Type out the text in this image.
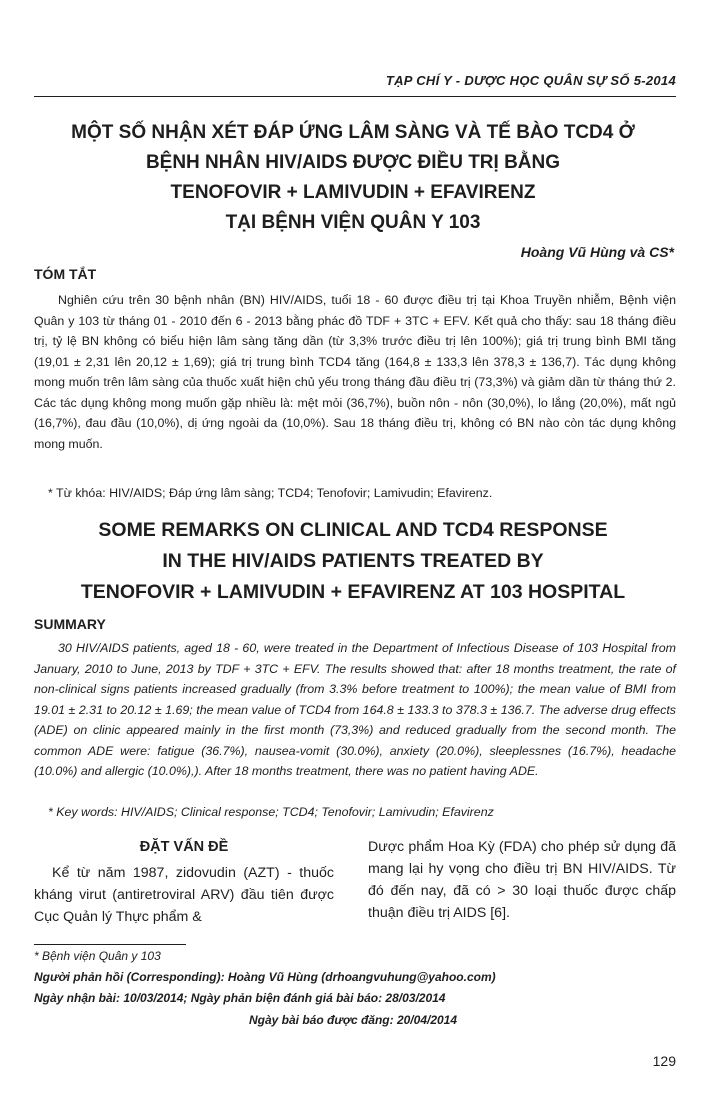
TẠP CHÍ Y - DƯỢC HỌC QUÂN SỰ SỐ 5-2014
MỘT SỐ NHẬN XÉT ĐÁP ỨNG LÂM SÀNG VÀ TẾ BÀO TCD4 Ở
BỆNH NHÂN HIV/AIDS ĐƯỢC ĐIỀU TRỊ BẰNG
TENOFOVIR + LAMIVUDIN + EFAVIRENZ
TẠI BỆNH VIỆN QUÂN Y 103
Hoàng Vũ Hùng và CS*
TÓM TẮT

Nghiên cứu trên 30 bệnh nhân (BN) HIV/AIDS, tuổi 18 - 60 được điều trị tại Khoa Truyền nhiễm, Bệnh viện Quân y 103 từ tháng 01 - 2010 đến 6 - 2013 bằng phác đồ TDF + 3TC + EFV. Kết quả cho thấy: sau 18 tháng điều trị, tỷ lệ BN không có biểu hiện lâm sàng tăng dần (từ 3,3% trước điều trị lên 100%); giá trị trung bình BMI tăng (19,01 ± 2,31 lên 20,12 ± 1,69); giá trị trung bình TCD4 tăng (164,8 ± 133,3 lên 378,3 ± 136,7). Tác dụng không mong muốn trên lâm sàng của thuốc xuất hiện chủ yếu trong tháng đầu điều trị (73,3%) và giảm dần từ tháng thứ 2. Các tác dụng không mong muốn gặp nhiều là: mệt mỏi (36,7%), buồn nôn - nôn (30,0%), lo lắng (20,0%), mất ngủ (16,7%), đau đầu (10,0%), dị ứng ngoài da (10,0%). Sau 18 tháng điều trị, không có BN nào còn tác dụng không mong muốn.

* Từ khóa: HIV/AIDS; Đáp ứng lâm sàng; TCD4; Tenofovir; Lamivudin; Efavirenz.
SOME REMARKS ON CLINICAL AND TCD4 RESPONSE
IN THE HIV/AIDS PATIENTS TREATED BY
TENOFOVIR + LAMIVUDIN + EFAVIRENZ AT 103 HOSPITAL
SUMMARY

30 HIV/AIDS patients, aged 18 - 60, were treated in the Department of Infectious Disease of 103 Hospital from January, 2010 to June, 2013 by TDF + 3TC + EFV. The results showed that: after 18 months treatment, the rate of non-clinical signs patients increased gradually (from 3.3% before treatment to 100%); the mean value of BMI from 19.01 ± 2.31 to 20.12 ± 1.69; the mean value of TCD4 from 164.8 ± 133.3 to 378.3 ± 136.7. The adverse drug effects (ADE) on clinic appeared mainly in the first month (73,3%) and reduced gradually from the second month. The common ADE were: fatigue (36.7%), nausea-vomit (30.0%), anxiety (20.0%), sleeplessnes (16.7%), headache (10.0%) and allergic (10.0%),). After 18 months treatment, there was no patient having ADE.

* Key words: HIV/AIDS; Clinical response; TCD4; Tenofovir; Lamivudin; Efavirenz
ĐẶT VẤN ĐỀ

Kể từ năm 1987, zidovudin (AZT) - thuốc kháng virut (antiretroviral ARV) đầu tiên được Cục Quản lý Thực phẩm &

Dược phẩm Hoa Kỳ (FDA) cho phép sử dụng đã mang lại hy vọng cho điều trị BN HIV/AIDS. Từ đó đến nay, đã có > 30 loại thuốc được chấp thuận điều trị AIDS [6].

* Bệnh viện Quân y 103
Người phản hồi (Corresponding): Hoàng Vũ Hùng (drhoangvuhung@yahoo.com)
Ngày nhận bài: 10/03/2014; Ngày phản biện đánh giá bài báo: 28/03/2014
Ngày bài báo được đăng: 20/04/2014
129
